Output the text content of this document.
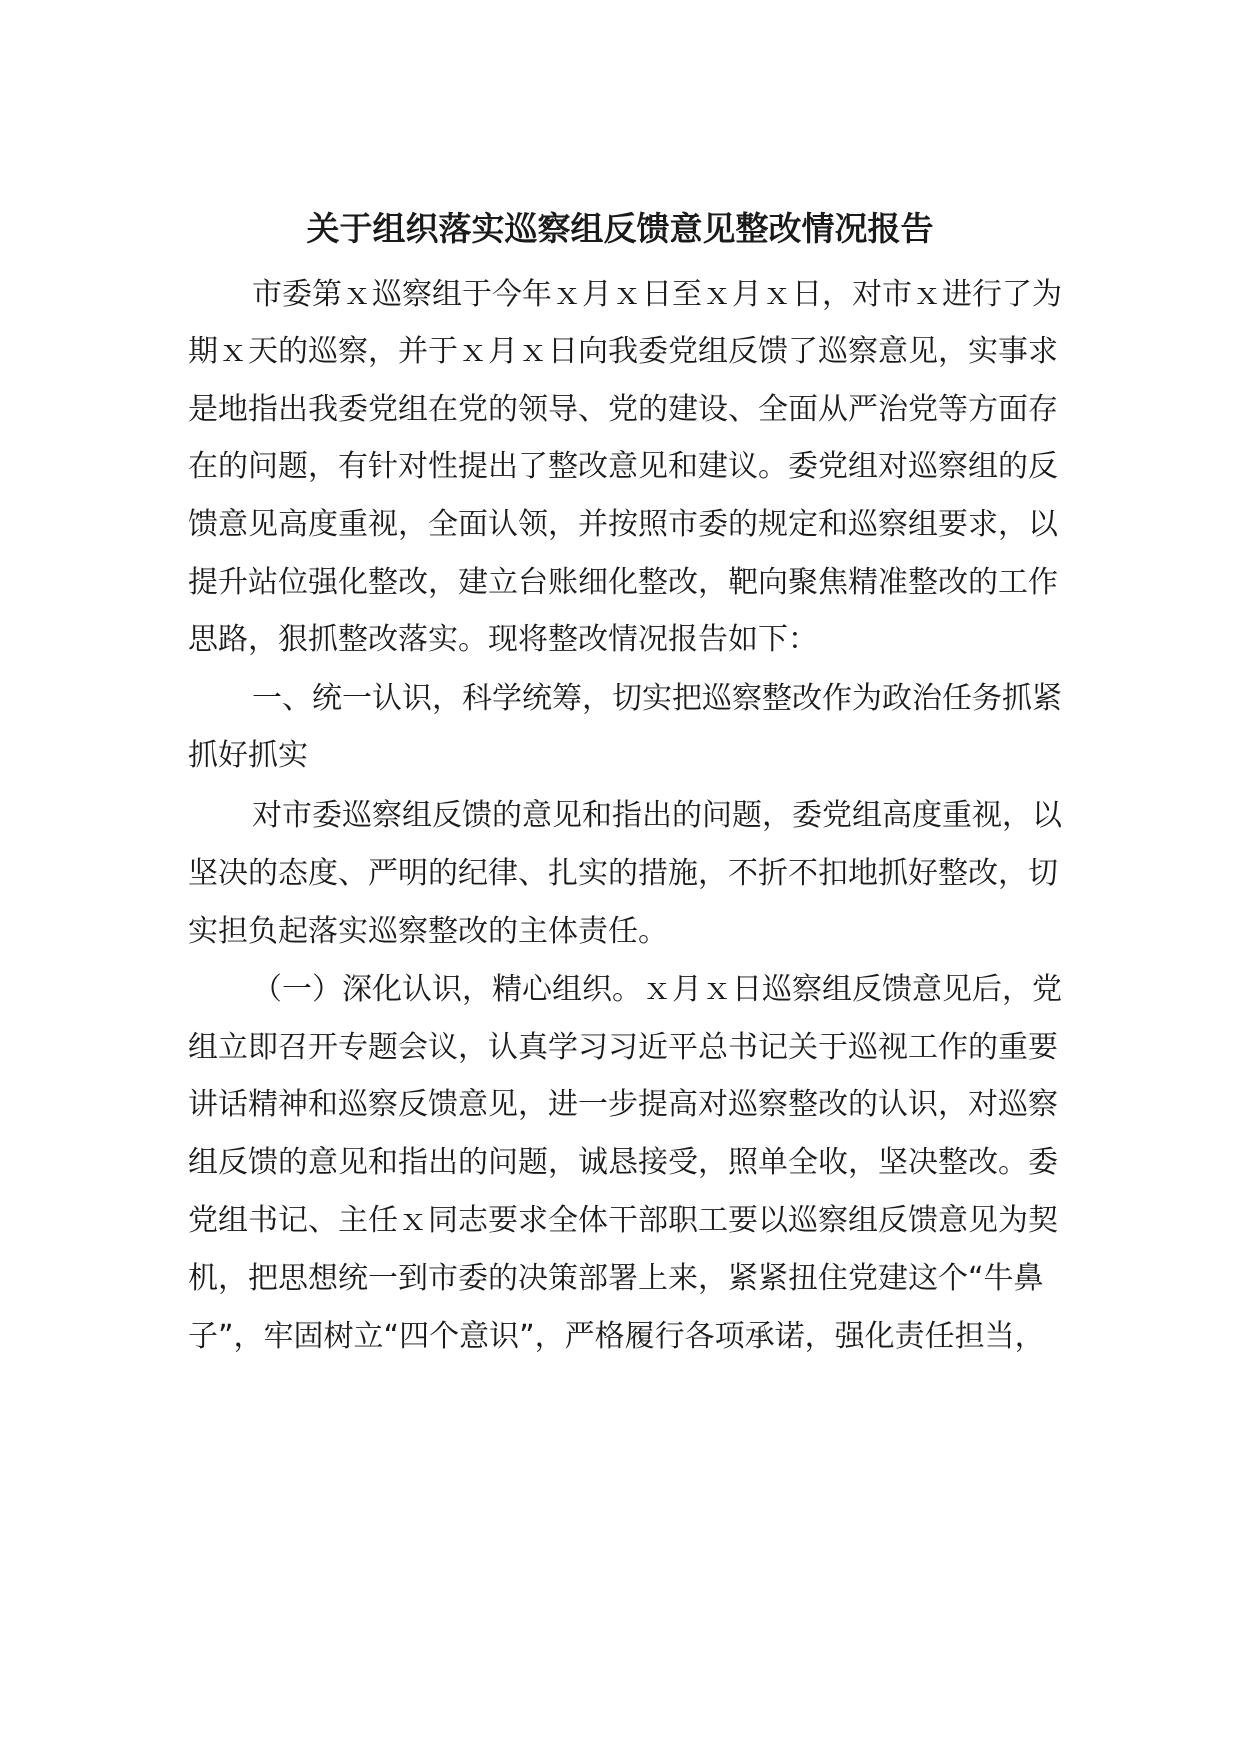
关于组织落实巡察组反馈意见整改情况报告

市委第ｘ巡察组于今年ｘ月ｘ日至ｘ月ｘ日，对市ｘ进行了为

期ｘ天的巡察，并于ｘ月ｘ日向我委党组反馈了巡察意见，实事求

是地指出我委党组在党的领导、党的建设、全面从严治党等方面存

在的问题，有针对性提出了整改意见和建议。委党组对巡察组的反

馈意见高度重视，全面认领，并按照市委的规定和巡察组要求，以

提升站位强化整改，建立台账细化整改，靶向聚焦精准整改的工作

思路，狠抓整改落实。现将整改情况报告如下：

一、统一认识，科学统筹，切实把巡察整改作为政治任务抓紧

抓好抓实

对市委巡察组反馈的意见和指出的问题，委党组高度重视，以

坚决的态度、严明的纪律、扎实的措施，不折不扣地抓好整改，切

实担负起落实巡察整改的主体责任。

（一）深化认识，精心组织。ｘ月ｘ日巡察组反馈意见后，党

组立即召开专题会议，认真学习习近平总书记关于巡视工作的重要

讲话精神和巡察反馈意见，进一步提高对巡察整改的认识，对巡察

组反馈的意见和指出的问题，诚恳接受，照单全收，坚决整改。委

党组书记、主任ｘ同志要求全体干部职工要以巡察组反馈意见为契

机，把思想统一到市委的决策部署上来，紧紧扭住党建这个“牛鼻

子”，牢固树立“四个意识”，严格履行各项承诺，强化责任担当，
